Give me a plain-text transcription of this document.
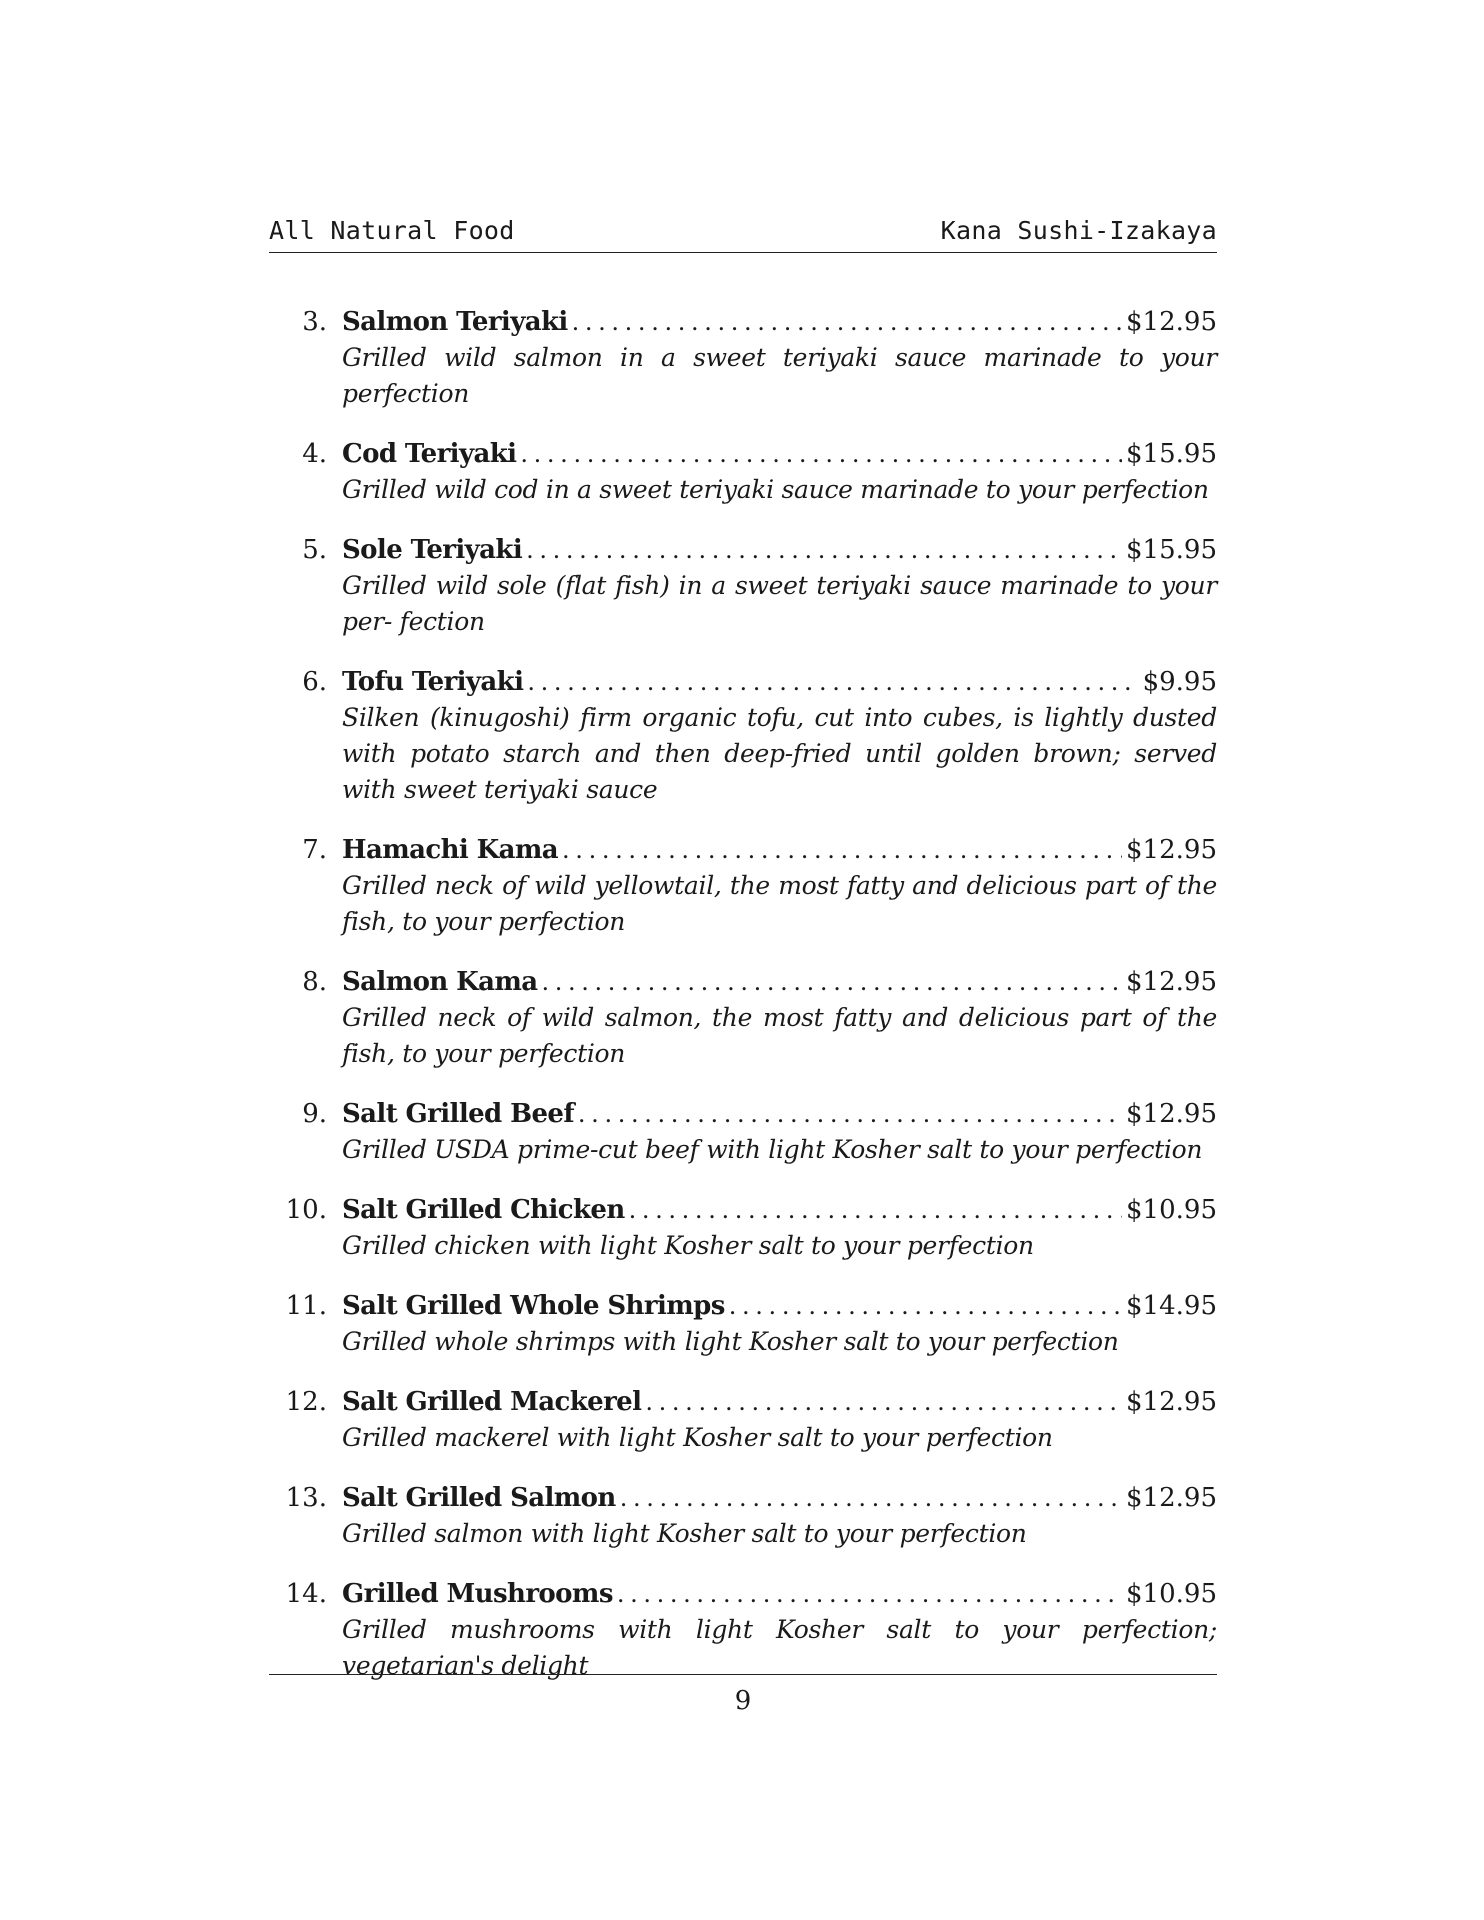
All Natural Food	Kana Sushi-Izakaya
3. Salmon Teriyaki . . .	$12.95
Grilled wild salmon in a sweet teriyaki sauce marinade to your perfection
4. Cod Teriyaki . . .	$15.95
Grilled wild cod in a sweet teriyaki sauce marinade to your perfection
5. Sole Teriyaki . . .	$15.95
Grilled wild sole (flat fish) in a sweet teriyaki sauce marinade to your per- fection
6. Tofu Teriyaki . . .	$9.95
Silken (kinugoshi) firm organic tofu, cut into cubes, is lightly dusted with potato starch and then deep-fried until golden brown; served with sweet teriyaki sauce
7. Hamachi Kama . . .	$12.95
Grilled neck of wild yellowtail, the most fatty and delicious part of the fish, to your perfection
8. Salmon Kama . . .	$12.95
Grilled neck of wild salmon, the most fatty and delicious part of the fish, to your perfection
9. Salt Grilled Beef . . .	$12.95
Grilled USDA prime-cut beef with light Kosher salt to your perfection
10. Salt Grilled Chicken . . .	$10.95
Grilled chicken with light Kosher salt to your perfection
11. Salt Grilled Whole Shrimps . . .	$14.95
Grilled whole shrimps with light Kosher salt to your perfection
12. Salt Grilled Mackerel . . .	$12.95
Grilled mackerel with light Kosher salt to your perfection
13. Salt Grilled Salmon . . .	$12.95
Grilled salmon with light Kosher salt to your perfection
14. Grilled Mushrooms . . .	$10.95
Grilled mushrooms with light Kosher salt to your perfection; vegetarian's delight
9
